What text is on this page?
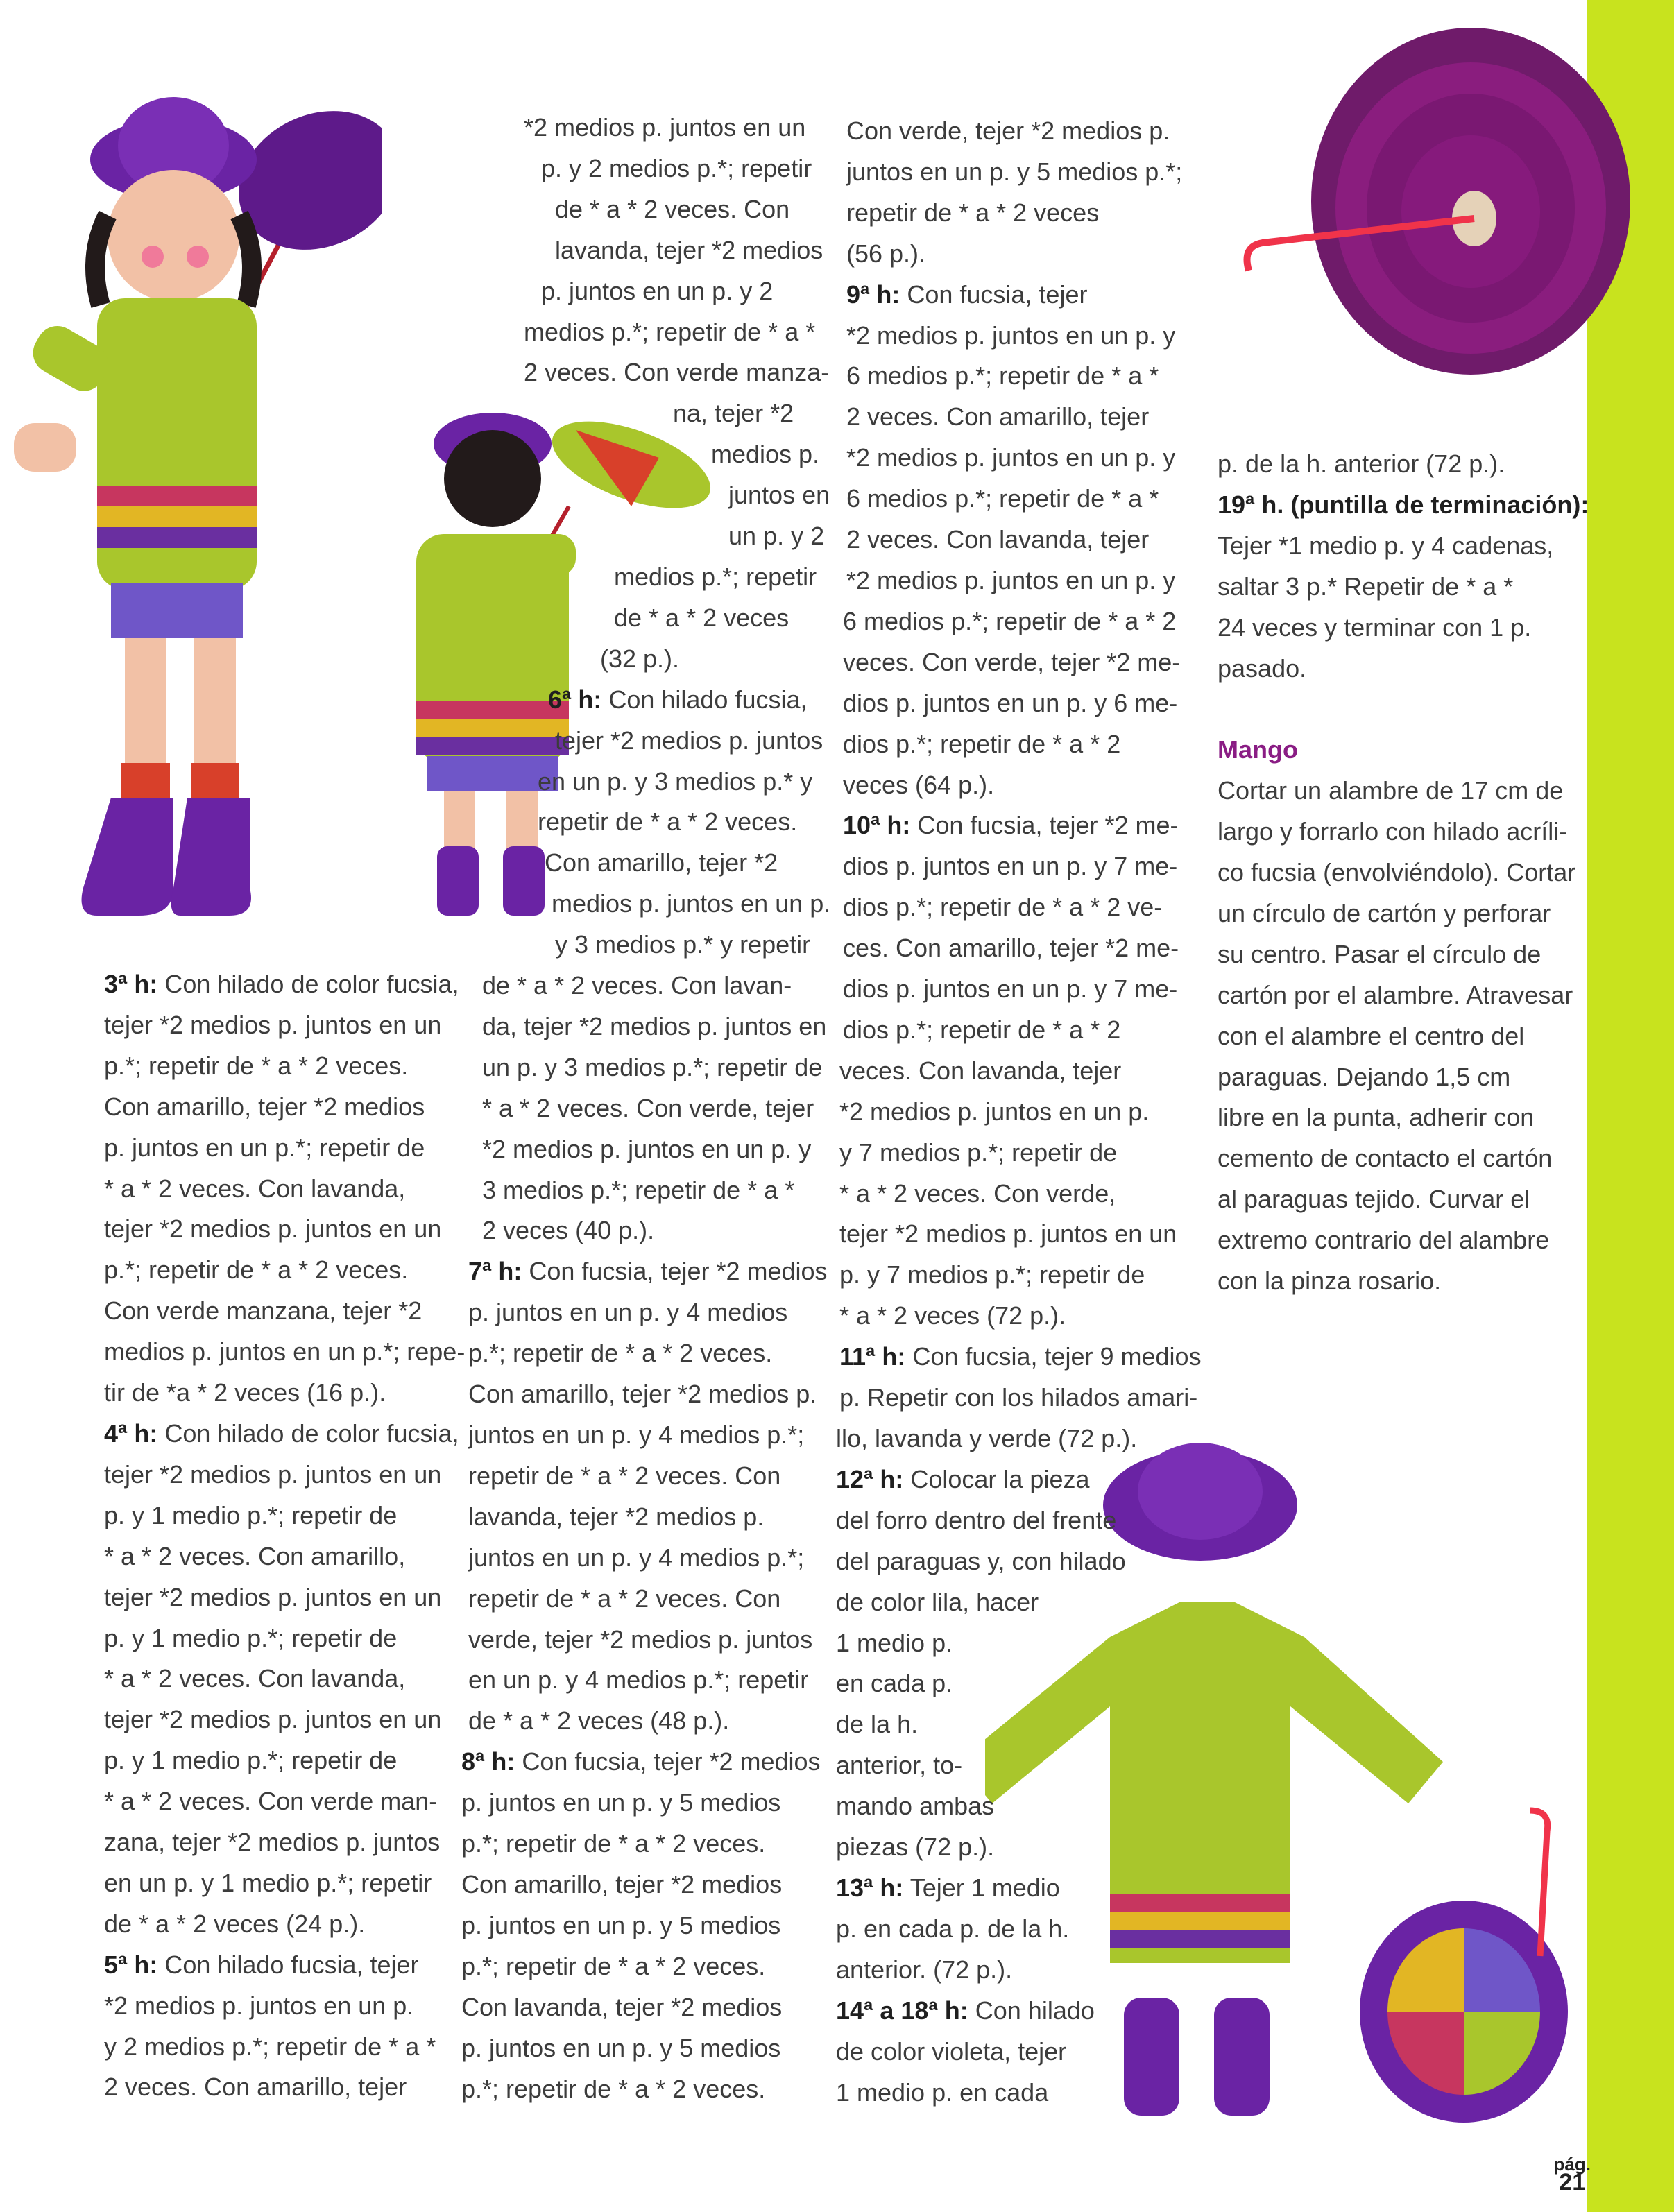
3ª h: Con hilado de color fucsia,
tejer *2 medios p. juntos en un
p.*; repetir de * a * 2 veces.
Con amarillo, tejer *2 medios
p. juntos en un p.*; repetir de
* a * 2 veces. Con lavanda,
tejer *2 medios p. juntos en un
p.*; repetir de * a * 2 veces.
Con verde manzana, tejer *2
medios p. juntos en un p.*; repe-
tir de *a * 2 veces (16 p.).
4ª h: Con hilado de color fucsia,
tejer *2 medios p. juntos en un
p. y 1 medio p.*; repetir de
* a * 2 veces. Con amarillo,
tejer *2 medios p. juntos en un
p. y 1 medio p.*; repetir de
* a * 2 veces. Con lavanda,
tejer *2 medios p. juntos en un
p. y 1 medio p.*; repetir de
* a * 2 veces. Con verde man-
zana, tejer *2 medios p. juntos
en un p. y 1 medio p.*; repetir
de * a * 2 veces (24 p.).
5ª h: Con hilado fucsia, tejer
*2 medios p. juntos en un p.
y 2 medios p.*; repetir de * a *
2 veces. Con amarillo, tejer
*2 medios p. juntos en un
p. y 2 medios p.*; repetir
de * a * 2 veces. Con
lavanda, tejer *2 medios
p. juntos en un p. y 2
medios p.*; repetir de * a *
2 veces. Con verde manza-
na, tejer *2
medios p.
juntos en
un p. y 2
medios p.*; repetir
de * a * 2 veces
(32 p.).
6ª h: Con hilado fucsia,
tejer *2 medios p. juntos
en un p. y 3 medios p.* y
repetir de * a * 2 veces.
Con amarillo, tejer *2
medios p. juntos en un p.
y 3 medios p.* y repetir
de * a * 2 veces. Con lavan-
da, tejer *2 medios p. juntos en
un p. y 3 medios p.*; repetir de
* a * 2 veces. Con verde, tejer
*2 medios p. juntos en un p. y
3 medios p.*; repetir de * a *
2 veces (40 p.).
7ª h: Con fucsia, tejer *2 medios
p. juntos en un p. y 4 medios
p.*; repetir de * a * 2 veces.
Con amarillo, tejer *2 medios p.
juntos en un p. y 4 medios p.*;
repetir de * a * 2 veces. Con
lavanda, tejer *2 medios p.
juntos en un p. y 4 medios p.*;
repetir de * a * 2 veces. Con
verde, tejer *2 medios p. juntos
en un p. y 4 medios p.*; repetir
de * a * 2 veces (48 p.).
8ª h: Con fucsia, tejer *2 medios
p. juntos en un p. y 5 medios
p.*; repetir de * a * 2 veces.
Con amarillo, tejer *2 medios
p. juntos en un p. y 5 medios
p.*; repetir de * a * 2 veces.
Con lavanda, tejer *2 medios
p. juntos en un p. y 5 medios
p.*; repetir de * a * 2 veces.
Con verde, tejer *2 medios p.
juntos en un p. y 5 medios p.*;
repetir de * a * 2 veces
(56 p.).
9ª h: Con fucsia, tejer
*2 medios p. juntos en un p. y
6 medios p.*; repetir de * a *
2 veces. Con amarillo, tejer
*2 medios p. juntos en un p. y
6 medios p.*; repetir de * a *
2 veces. Con lavanda, tejer
*2 medios p. juntos en un p. y
6 medios p.*; repetir de * a * 2
veces. Con verde, tejer *2 me-
dios p. juntos en un p. y 6 me-
dios p.*; repetir de * a * 2
veces (64 p.).
10ª h: Con fucsia, tejer *2 me-
dios p. juntos en un p. y 7 me-
dios p.*; repetir de * a * 2 ve-
ces. Con amarillo, tejer *2 me-
dios p. juntos en un p. y 7 me-
dios p.*; repetir de * a * 2
veces. Con lavanda, tejer
*2 medios p. juntos en un p.
y 7 medios p.*; repetir de
* a * 2 veces. Con verde,
tejer *2 medios p. juntos en un
p. y 7 medios p.*; repetir de
* a * 2 veces (72 p.).
11ª h: Con fucsia, tejer 9 medios
p. Repetir con los hilados amari-
llo, lavanda y verde (72 p.).
12ª h: Colocar la pieza
del forro dentro del frente
del paraguas y, con hilado
de color lila, hacer
1 medio p.
en cada p.
de la h.
anterior, to-
mando ambas
piezas (72 p.).
13ª h: Tejer 1 medio
p. en cada p. de la h.
anterior. (72 p.).
14ª a 18ª h: Con hilado
de color violeta, tejer
1 medio p. en cada
p. de la h. anterior (72 p.).
19ª h. (puntilla de terminación):
Tejer *1 medio p. y 4 cadenas,
saltar 3 p.* Repetir de * a *
24 veces y terminar con 1 p.
pasado.
Mango
Cortar un alambre de 17 cm de
largo y forrarlo con hilado acríli-
co fucsia (envolviéndolo). Cortar
un círculo de cartón y perforar
su centro. Pasar el círculo de
cartón por el alambre. Atravesar
con el alambre el centro del
paraguas. Dejando 1,5 cm
libre en la punta, adherir con
cemento de contacto el cartón
al paraguas tejido. Curvar el
extremo contrario del alambre
con la pinza rosario.
pág.
21
